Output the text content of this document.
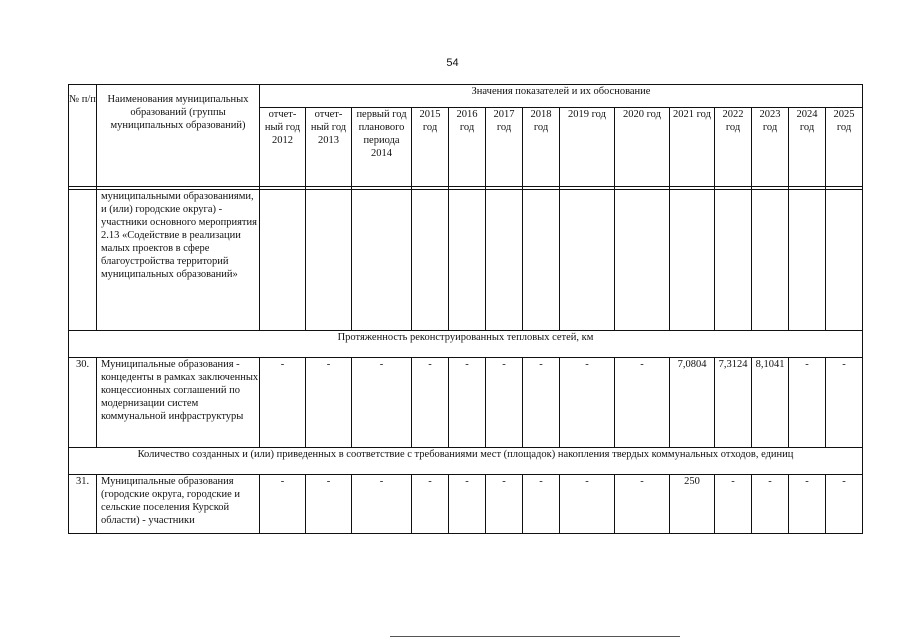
54
№ п/п	Наименования муниципальных образований (группы муниципальных образований)	Значения показателей и их обоснование													
		отчет-ный год 2012	отчет-ный год 2013	первый год планового периода 2014	2015 год	2016 год	2017 год	2018 год	2019 год	2020 год	2021 год	2022 год	2023 год	2024 год	2025 год

	муниципальными образованиями, и (или) городские округа) - участники основного мероприятия 2.13 «Содействие в реализации малых проектов в сфере благоустройства территорий муниципальных образований»														
Протяженность реконструированных тепловых сетей, км															
30.	Муниципальные образования - концеденты в рамках заключенных концессионных соглашений по модернизации систем коммунальной инфраструктуры	-	-	-	-	-	-	-	-	-	7,0804	7,3124	8,1041	-	-
Количество созданных и (или) приведенных в соответствие с требованиями мест (площадок) накопления твердых коммунальных отходов, единиц															
31.	Муниципальные образования (городские округа, городские и сельские поселения Курской области) - участники	-	-	-	-	-	-	-	-	-	250	-	-	-	-
